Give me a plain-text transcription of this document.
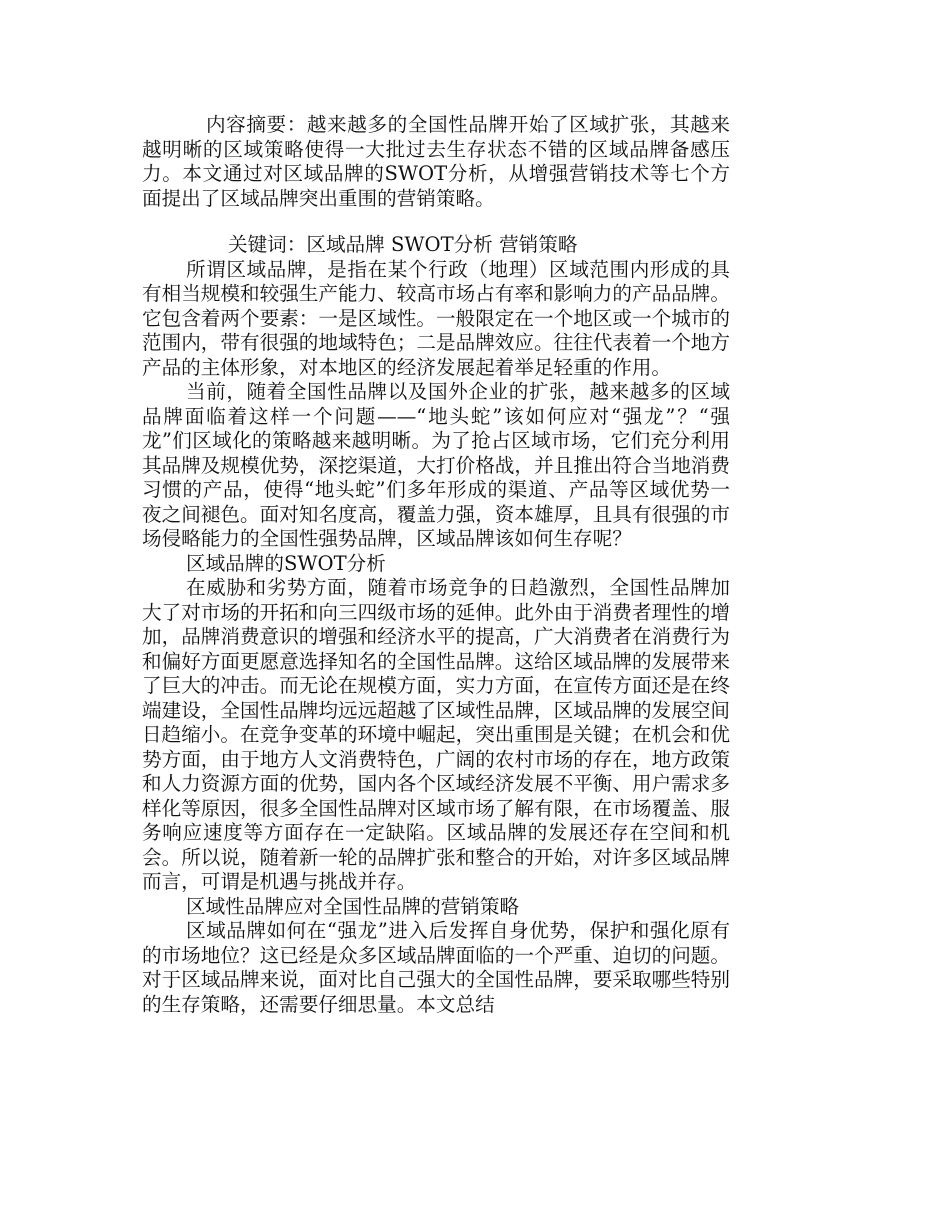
内容摘要：越来越多的全国性品牌开始了区域扩张，其越来越明晰的区域策略使得一大批过去生存状态不错的区域品牌备感压力。本文通过对区域品牌的SWOT分析，从增强营销技术等七个方面提出了区域品牌突出重围的营销策略。

关键词：区域品牌 SWOT分析 营销策略

所谓区域品牌，是指在某个行政（地理）区域范围内形成的具有相当规模和较强生产能力、较高市场占有率和影响力的产品品牌。它包含着两个要素：一是区域性。一般限定在一个地区或一个城市的范围内，带有很强的地域特色；二是品牌效应。往往代表着一个地方产品的主体形象，对本地区的经济发展起着举足轻重的作用。

当前，随着全国性品牌以及国外企业的扩张，越来越多的区域品牌面临着这样一个问题——“地头蛇”该如何应对“强龙”？“强龙”们区域化的策略越来越明晰。为了抢占区域市场，它们充分利用其品牌及规模优势，深挖渠道，大打价格战，并且推出符合当地消费习惯的产品，使得“地头蛇”们多年形成的渠道、产品等区域优势一夜之间褪色。面对知名度高，覆盖力强，资本雄厚，且具有很强的市场侵略能力的全国性强势品牌，区域品牌该如何生存呢？

区域品牌的SWOT分析

在威胁和劣势方面，随着市场竞争的日趋激烈，全国性品牌加大了对市场的开拓和向三四级市场的延伸。此外由于消费者理性的增加，品牌消费意识的增强和经济水平的提高，广大消费者在消费行为和偏好方面更愿意选择知名的全国性品牌。这给区域品牌的发展带来了巨大的冲击。而无论在规模方面，实力方面，在宣传方面还是在终端建设，全国性品牌均远远超越了区域性品牌，区域品牌的发展空间日趋缩小。在竞争变革的环境中崛起，突出重围是关键；在机会和优势方面，由于地方人文消费特色，广阔的农村市场的存在，地方政策和人力资源方面的优势，国内各个区域经济发展不平衡、用户需求多样化等原因，很多全国性品牌对区域市场了解有限，在市场覆盖、服务响应速度等方面存在一定缺陷。区域品牌的发展还存在空间和机会。所以说，随着新一轮的品牌扩张和整合的开始，对许多区域品牌而言，可谓是机遇与挑战并存。

区域性品牌应对全国性品牌的营销策略

区域品牌如何在“强龙”进入后发挥自身优势，保护和强化原有的市场地位？这已经是众多区域品牌面临的一个严重、迫切的问题。对于区域品牌来说，面对比自己强大的全国性品牌，要采取哪些特别的生存策略，还需要仔细思量。本文总结
